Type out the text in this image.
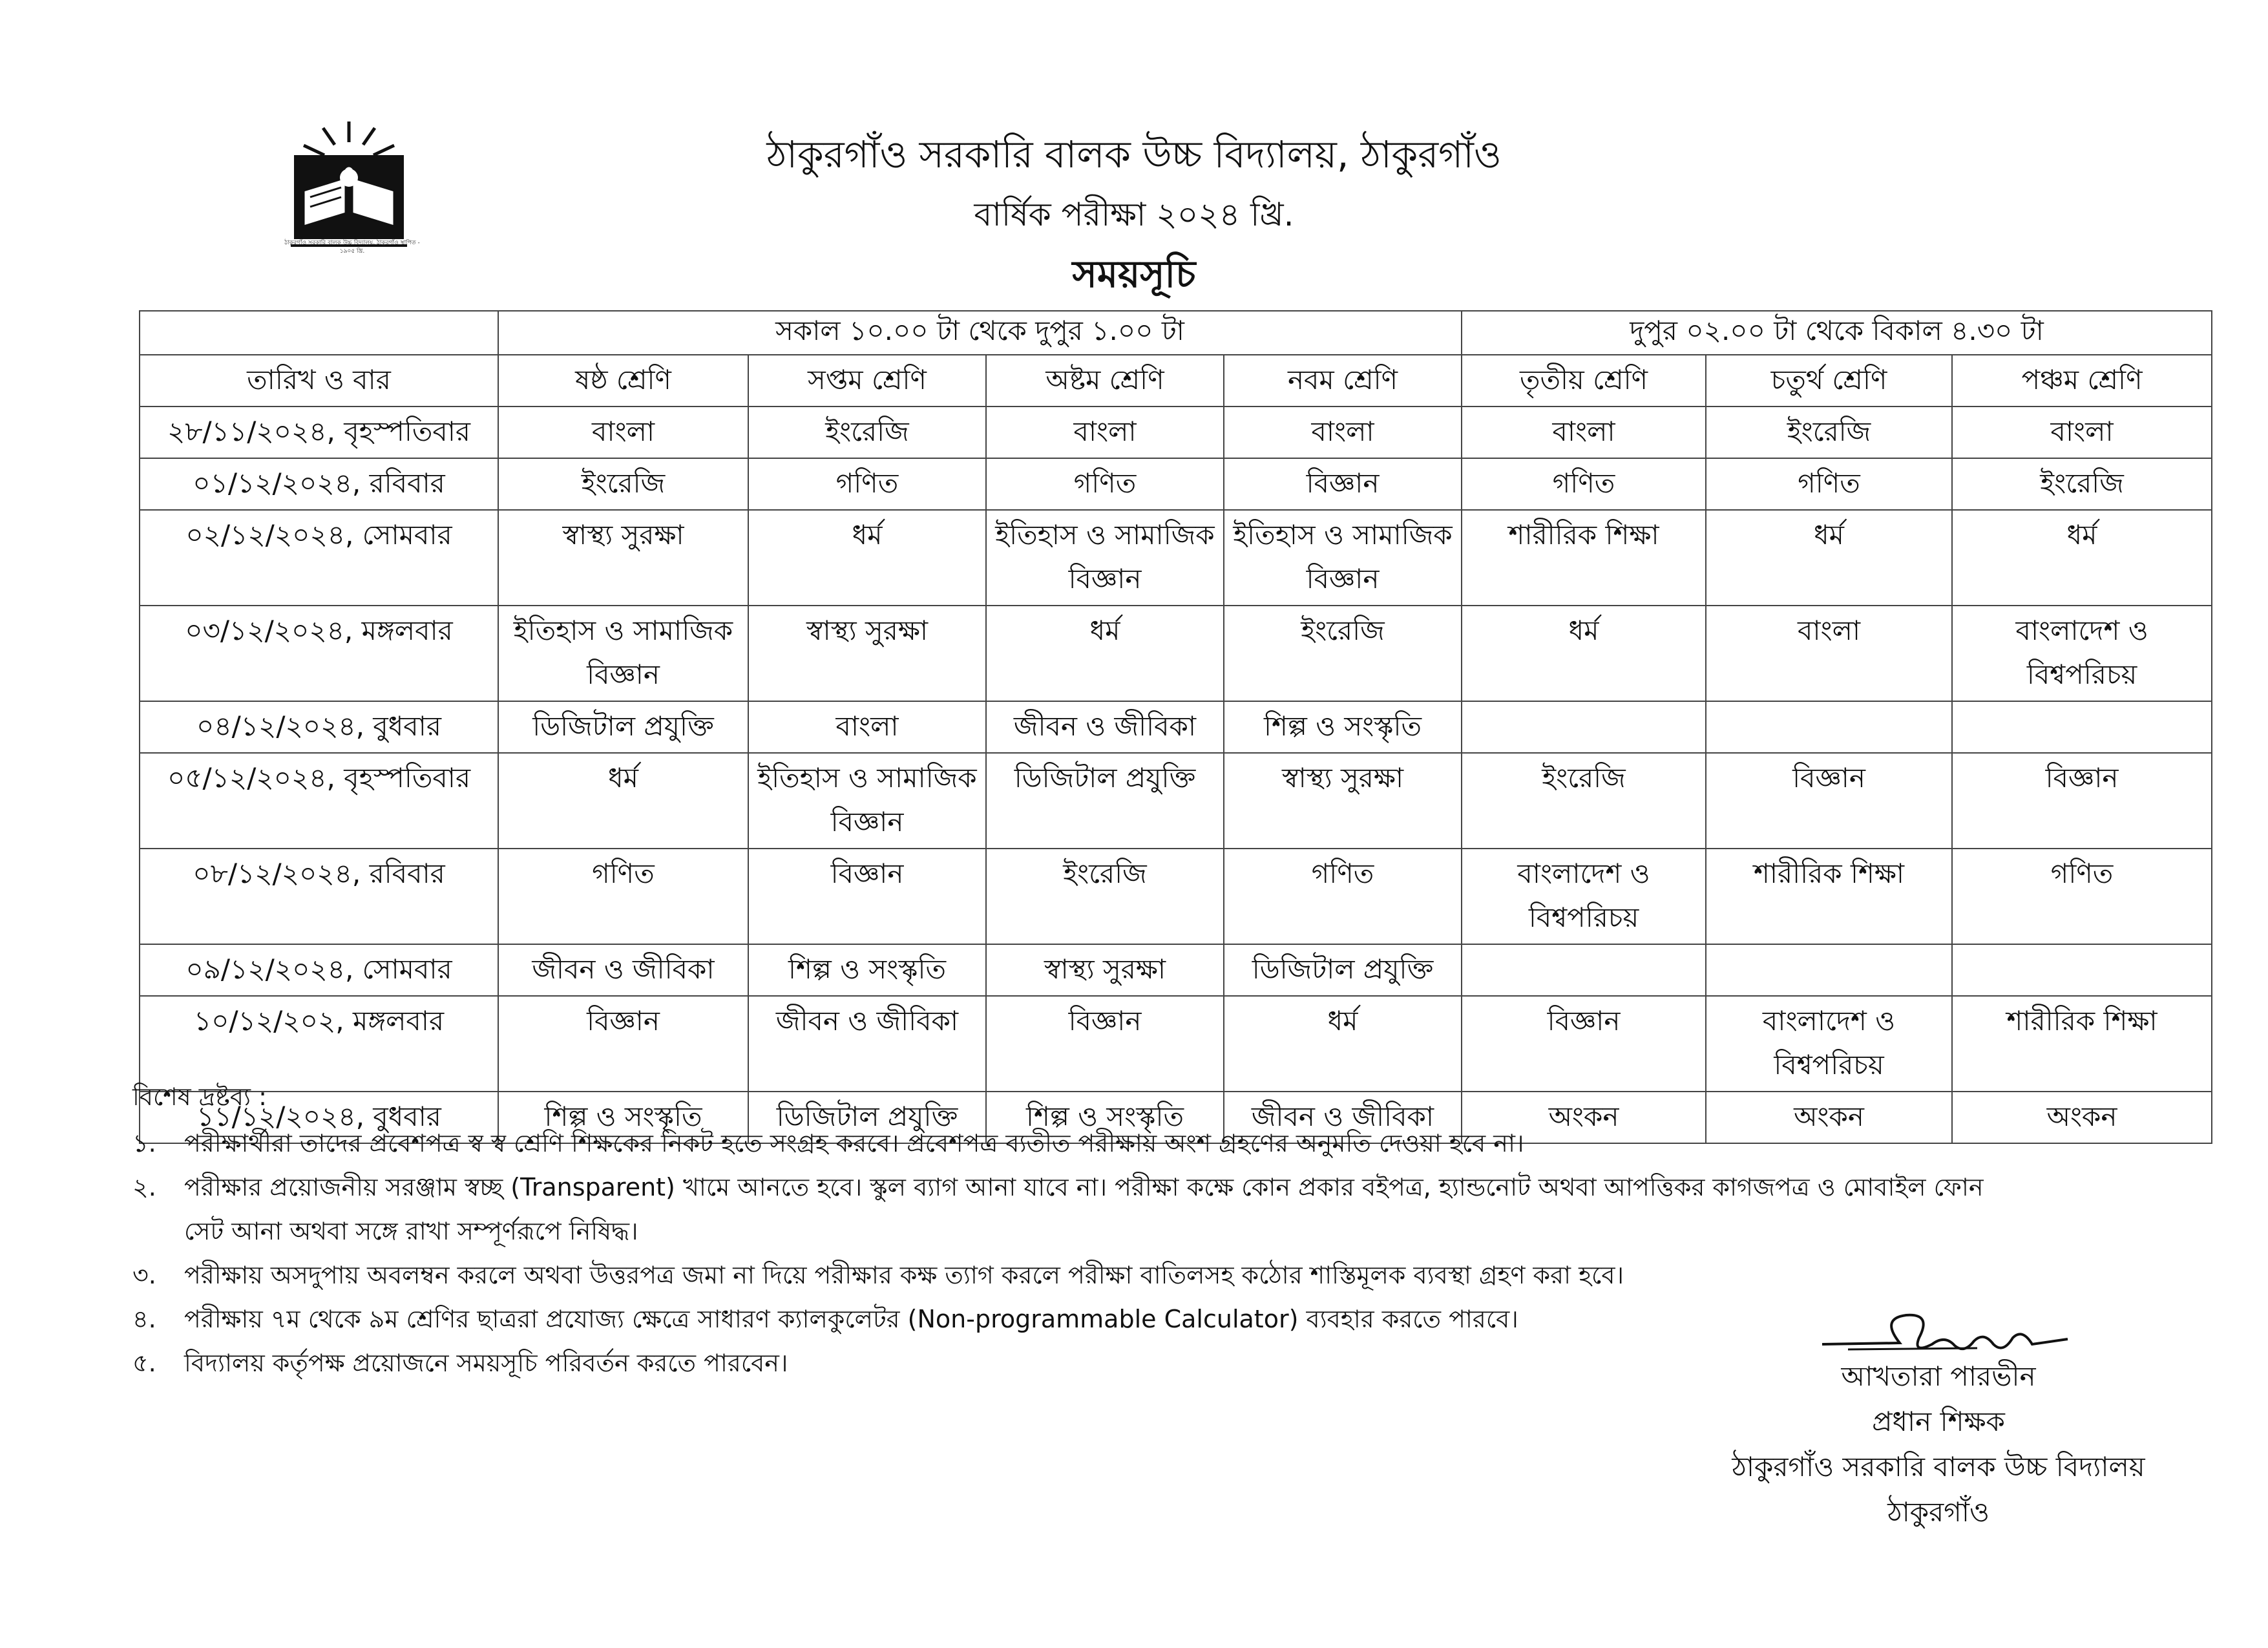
ঠাকুরগাঁও সরকারি বালক উচ্চ বিদ্যালয়, ঠাকুরগাঁও স্থাপিত - ১৯০৫ খ্রি.
ঠাকুরগাঁও সরকারি বালক উচ্চ বিদ্যালয়, ঠাকুরগাঁও
বার্ষিক পরীক্ষা ২০২৪ খ্রি.
সময়সূচি
	সকাল ১০.০০ টা থেকে দুপুর ১.০০ টা				দুপুর ০২.০০ টা থেকে বিকাল ৪.৩০ টা		
তারিখ ও বার	ষষ্ঠ শ্রেণি	সপ্তম শ্রেণি	অষ্টম শ্রেণি	নবম শ্রেণি	তৃতীয় শ্রেণি	চতুর্থ শ্রেণি	পঞ্চম শ্রেণি
২৮/১১/২০২৪, বৃহস্পতিবার	বাংলা	ইংরেজি	বাংলা	বাংলা	বাংলা	ইংরেজি	বাংলা
০১/১২/২০২৪, রবিবার	ইংরেজি	গণিত	গণিত	বিজ্ঞান	গণিত	গণিত	ইংরেজি
০২/১২/২০২৪, সোমবার	স্বাস্থ্য সুরক্ষা	ধর্ম	ইতিহাস ও সামাজিক বিজ্ঞান	ইতিহাস ও সামাজিক বিজ্ঞান	শারীরিক শিক্ষা	ধর্ম	ধর্ম
০৩/১২/২০২৪, মঙ্গলবার	ইতিহাস ও সামাজিক বিজ্ঞান	স্বাস্থ্য সুরক্ষা	ধর্ম	ইংরেজি	ধর্ম	বাংলা	বাংলাদেশ ও বিশ্বপরিচয়
০৪/১২/২০২৪, বুধবার	ডিজিটাল প্রযুক্তি	বাংলা	জীবন ও জীবিকা	শিল্প ও সংস্কৃতি			
০৫/১২/২০২৪, বৃহস্পতিবার	ধর্ম	ইতিহাস ও সামাজিক বিজ্ঞান	ডিজিটাল প্রযুক্তি	স্বাস্থ্য সুরক্ষা	ইংরেজি	বিজ্ঞান	বিজ্ঞান
০৮/১২/২০২৪, রবিবার	গণিত	বিজ্ঞান	ইংরেজি	গণিত	বাংলাদেশ ও বিশ্বপরিচয়	শারীরিক শিক্ষা	গণিত
০৯/১২/২০২৪, সোমবার	জীবন ও জীবিকা	শিল্প ও সংস্কৃতি	স্বাস্থ্য সুরক্ষা	ডিজিটাল প্রযুক্তি			
১০/১২/২০২, মঙ্গলবার	বিজ্ঞান	জীবন ও জীবিকা	বিজ্ঞান	ধর্ম	বিজ্ঞান	বাংলাদেশ ও বিশ্বপরিচয়	শারীরিক শিক্ষা
১১/১২/২০২৪, বুধবার	শিল্প ও সংস্কৃতি	ডিজিটাল প্রযুক্তি	শিল্প ও সংস্কৃতি	জীবন ও জীবিকা	অংকন	অংকন	অংকন
বিশেষ দ্রষ্টব্য :
১.	পরীক্ষার্থীরা তাদের প্রবেশপত্র স্ব স্ব শ্রেণি শিক্ষকের নিকট হতে সংগ্রহ করবে। প্রবেশপত্র ব্যতীত পরীক্ষায় অংশ গ্রহণের অনুমতি দেওয়া হবে না।
২.	পরীক্ষার প্রয়োজনীয় সরঞ্জাম স্বচ্ছ (Transparent) খামে আনতে হবে। স্কুল ব্যাগ আনা যাবে না। পরীক্ষা কক্ষে কোন প্রকার বইপত্র, হ্যান্ডনোট অথবা আপত্তিকর কাগজপত্র ও মোবাইল ফোন সেট আনা অথবা সঙ্গে রাখা সম্পূর্ণরূপে নিষিদ্ধ।
৩.	পরীক্ষায় অসদুপায় অবলম্বন করলে অথবা উত্তরপত্র জমা না দিয়ে পরীক্ষার কক্ষ ত্যাগ করলে পরীক্ষা বাতিলসহ কঠোর শাস্তিমূলক ব্যবস্থা গ্রহণ করা হবে।
৪.	পরীক্ষায় ৭ম থেকে ৯ম শ্রেণির ছাত্ররা প্রযোজ্য ক্ষেত্রে সাধারণ ক্যালকুলেটর (Non-programmable Calculator) ব্যবহার করতে পারবে।
৫.	বিদ্যালয় কর্তৃপক্ষ প্রয়োজনে সময়সূচি পরিবর্তন করতে পারবেন।	আখতারা পারভীন
প্রধান শিক্ষক
ঠাকুরগাঁও সরকারি বালক উচ্চ বিদ্যালয়
ঠাকুরগাঁও
